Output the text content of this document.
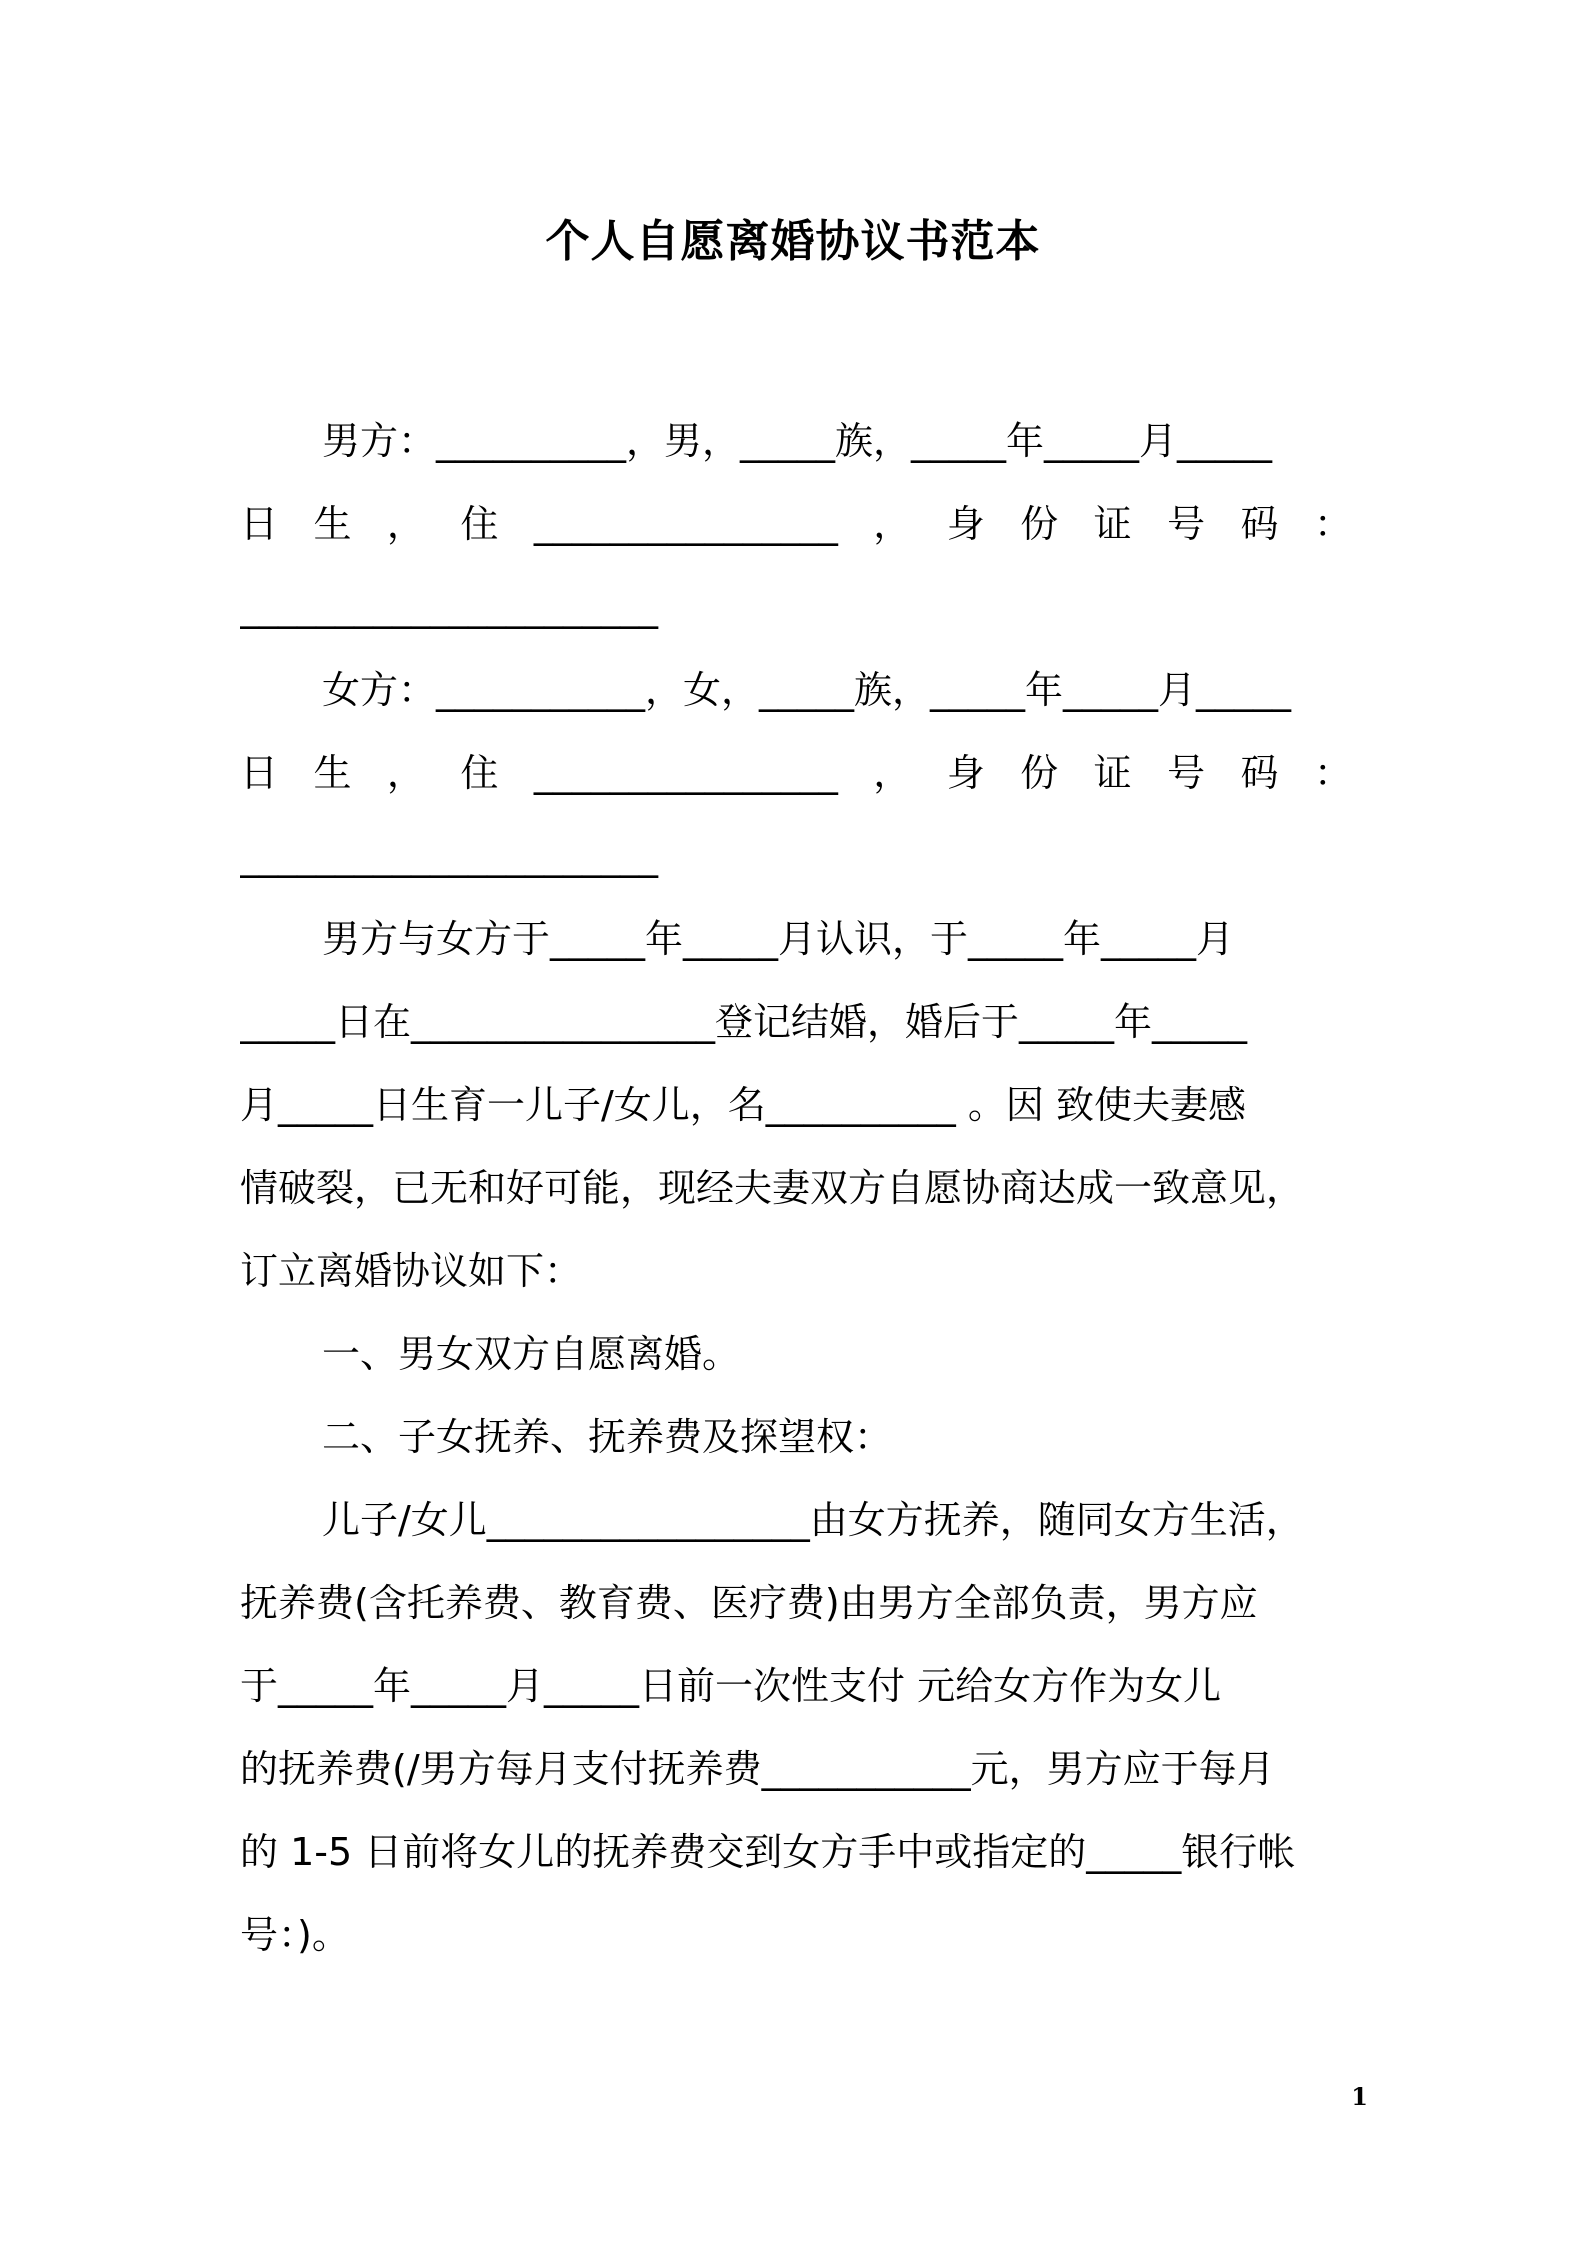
个人自愿离婚协议书范本
男方：__________，男，_____族，_____年_____月_____
日生，住________________，身份证号码：
______________________
女方：___________，女，_____族，_____年_____月_____
日生，住________________，身份证号码：
______________________
男方与女方于_____年_____月认识，于_____年_____月
_____日在________________登记结婚，婚后于_____年_____
月_____日生育一儿子/女儿，名__________ 。因 致使夫妻感
情破裂，已无和好可能，现经夫妻双方自愿协商达成一致意见，
订立离婚协议如下：
一、男女双方自愿离婚。
二、子女抚养、抚养费及探望权：
儿子/女儿_________________由女方抚养，随同女方生活，
抚养费(含托养费、教育费、医疗费)由男方全部负责，男方应
于_____年_____月_____日前一次性支付 元给女方作为女儿
的抚养费(/男方每月支付抚养费___________元，男方应于每月
的 1-5 日前将女儿的抚养费交到女方手中或指定的_____银行帐
号：)。
1
